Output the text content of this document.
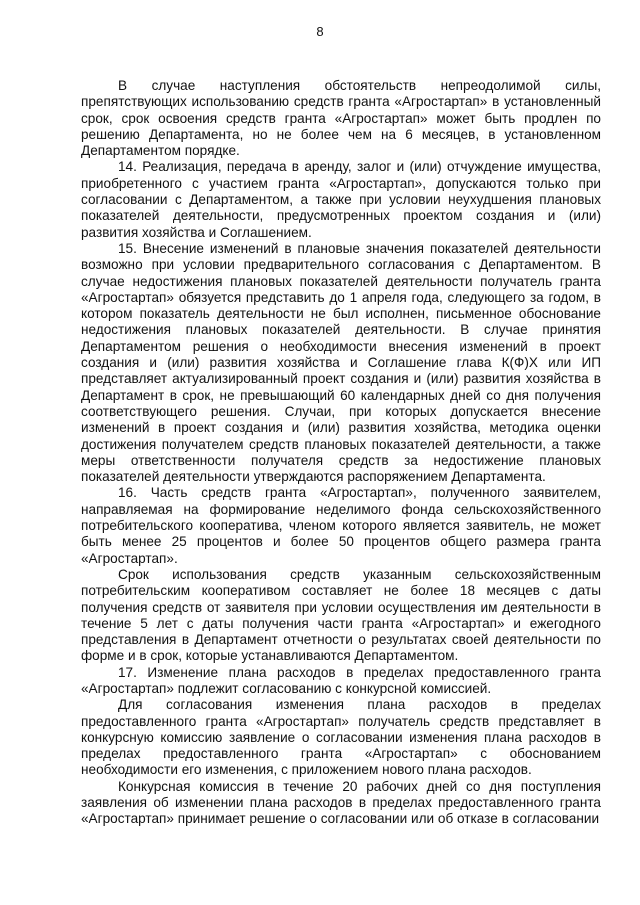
8

В случае наступления обстоятельств непреодолимой силы, препятствующих использованию средств гранта «Агростартап» в установленный срок, срок освоения средств гранта «Агростартап» может быть продлен по решению Департамента, но не более чем на 6 месяцев, в установленном Департаментом порядке.

14. Реализация, передача в аренду, залог и (или) отчуждение имущества, приобретенного с участием гранта «Агростартап», допускаются только при согласовании с Департаментом, а также при условии неухудшения плановых показателей деятельности, предусмотренных проектом создания и (или) развития хозяйства и Соглашением.

15. Внесение изменений в плановые значения показателей деятельности возможно при условии предварительного согласования с Департаментом. В случае недостижения плановых показателей деятельности получатель гранта «Агростартап» обязуется представить до 1 апреля года, следующего за годом, в котором показатель деятельности не был исполнен, письменное обоснование недостижения плановых показателей деятельности. В случае принятия Департаментом решения о необходимости внесения изменений в проект создания и (или) развития хозяйства и Соглашение глава К(Ф)Х или ИП представляет актуализированный проект создания и (или) развития хозяйства в Департамент в срок, не превышающий 60 календарных дней со дня получения соответствующего решения. Случаи, при которых допускается внесение изменений в проект создания и (или) развития хозяйства, методика оценки достижения получателем средств плановых показателей деятельности, а также меры ответственности получателя средств за недостижение плановых показателей деятельности утверждаются распоряжением Департамента.

16. Часть средств гранта «Агростартап», полученного заявителем, направляемая на формирование неделимого фонда сельскохозяйственного потребительского кооператива, членом которого является заявитель, не может быть менее 25 процентов и более 50 процентов общего размера гранта «Агростартап».

Срок использования средств указанным сельскохозяйственным потребительским кооперативом составляет не более 18 месяцев с даты получения средств от заявителя при условии осуществления им деятельности в течение 5 лет с даты получения части гранта «Агростартап» и ежегодного представления в Департамент отчетности о результатах своей деятельности по форме и в срок, которые устанавливаются Департаментом.

17. Изменение плана расходов в пределах предоставленного гранта «Агростартап» подлежит согласованию с конкурсной комиссией.

Для согласования изменения плана расходов в пределах предоставленного гранта «Агростартап» получатель средств представляет в конкурсную комиссию заявление о согласовании изменения плана расходов в пределах предоставленного гранта «Агростартап» с обоснованием необходимости его изменения, с приложением нового плана расходов.

Конкурсная комиссия в течение 20 рабочих дней со дня поступления заявления об изменении плана расходов в пределах предоставленного гранта «Агростартап» принимает решение о согласовании или об отказе в согласовании
